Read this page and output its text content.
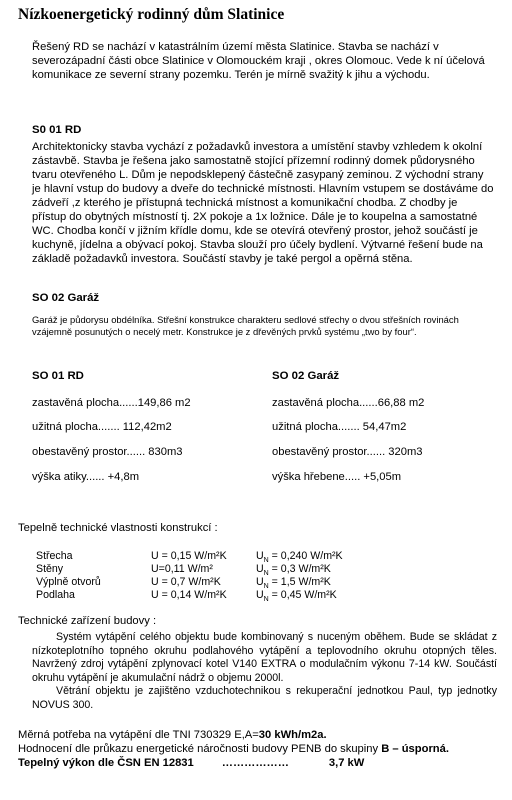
Nízkoenergetický rodinný dům Slatinice
Řešený RD se nachází v katastrálním území města Slatinice. Stavba se nachází v severozápadní části obce Slatinice v Olomouckém kraji , okres Olomouc. Vede k ní účelová komunikace ze severní strany pozemku. Terén je mírně svažitý k jihu a východu.
S0 01 RD
Architektonicky stavba vychází z požadavků investora a umístění stavby vzhledem k okolní zástavbě. Stavba je řešena jako samostatně stojící přízemní rodinný domek půdorysného tvaru otevřeného L. Dům je nepodsklepený částečně zasypaný zeminou. Z východní strany je hlavní vstup do budovy a dveře do technické místnosti. Hlavním vstupem se dostáváme do zádveří ,z kterého je přístupná technická místnost a komunikační chodba. Z chodby je přístup do obytných místností tj. 2X pokoje a 1x ložnice. Dále je to koupelna a samostatné WC. Chodba končí v jižním křídle domu, kde se otevírá otevřený prostor, jehož součástí je kuchyně, jídelna a obývací pokoj. Stavba slouží pro účely bydlení. Výtvarné řešení bude na základě požadavků investora. Součástí stavby je také pergol a opěrná stěna.
SO 02 Garáž
Garáž je půdorysu obdélníka. Střešní konstrukce charakteru sedlové střechy o dvou střešních rovinách vzájemně posunutých o necelý metr. Konstrukce je z dřevěných prvků systému „two by four“.
SO 01 RD
zastavěná plocha......149,86 m2
užitná plocha....... 112,42m2
obestavěný prostor...... 830m3
výška atiky...... +4,8m
SO 02 Garáž
zastavěná plocha......66,88 m2
užitná plocha....... 54,47m2
obestavěný prostor...... 320m3
výška hřebene..... +5,05m
Tepelně technické vlastnosti konstrukcí :
Střecha	U = 0,15 W/m²K	$U_N = 0,240$ W/m²K
Stěny	U=0,11 W/m²	$U_N = 0,3$ W/m²K
Výplně otvorů	U = 0,7 W/m²K	$U_N = 1,5$ W/m²K
Podlaha	U = 0,14 W/m²K	$U_N = 0,45$ W/m²K
Technické zařízení budovy :

Systém vytápění celého objektu bude kombinovaný s nuceným oběhem. Bude se skládat z nízkoteplotního topného okruhu podlahového vytápění a teplovodního okruhu otopných těles. Navržený zdroj vytápění zplynovací kotel V140 EXTRA o modulačním výkonu 7-14 kW. Součástí okruhu vytápění je akumulační nádrž o objemu 2000l.

Větrání objektu je zajištěno vzduchotechnikou s rekuperační jednotkou Paul, typ jednotky NOVUS 300.

Měrná potřeba na vytápění dle TNI 730329 E,A=30 kWh/m2a.
Hodnocení dle průkazu energetické náročnosti budovy PENB do skupiny B – úsporná.
Tepelný výkon dle ČSN EN 12831	………………	3,7 kW
